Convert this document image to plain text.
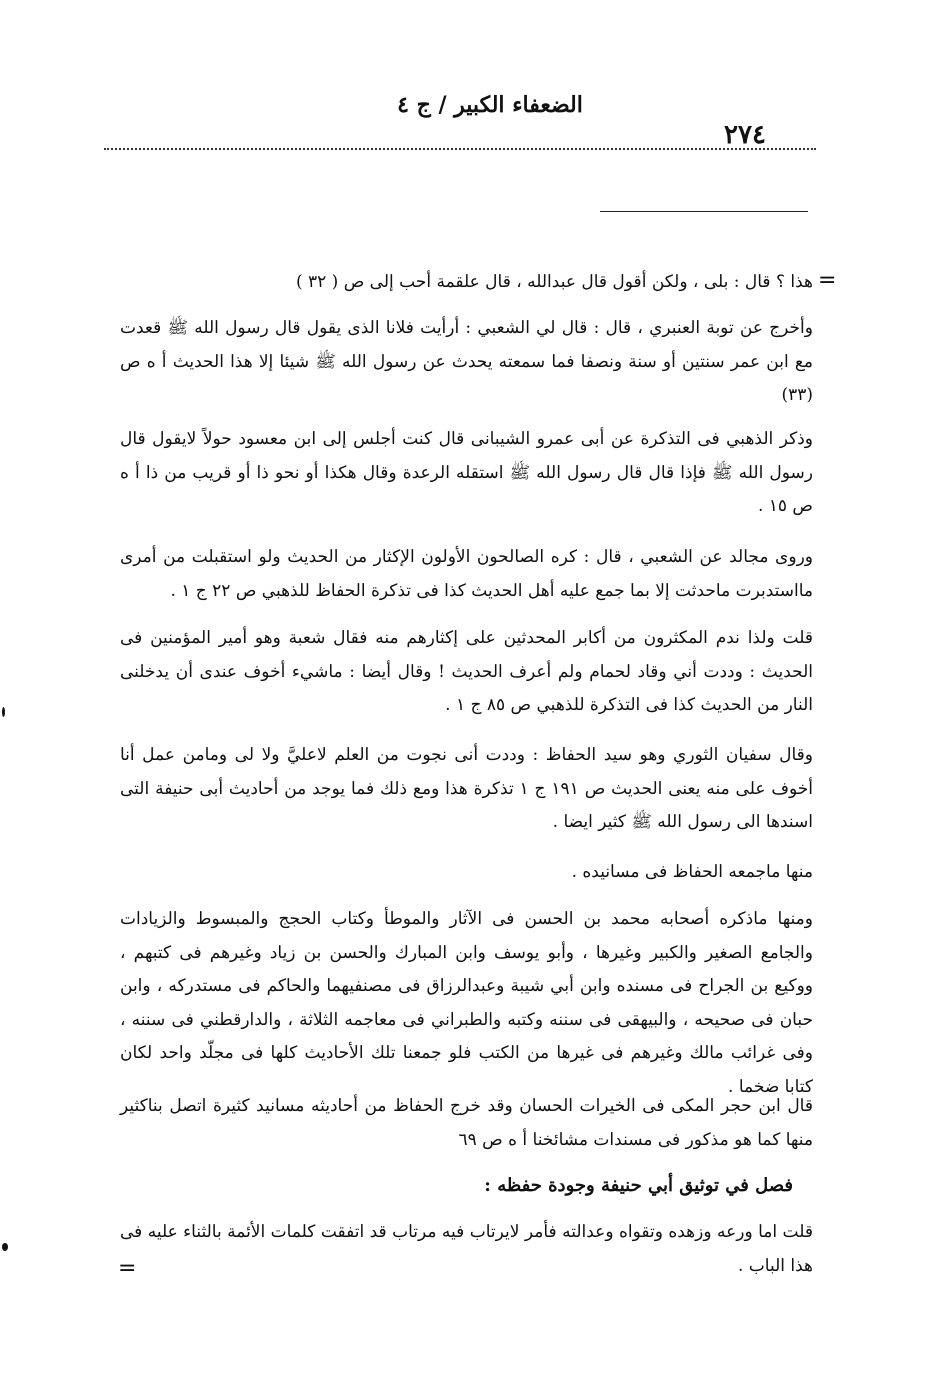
الضعفاء الكبير / ج ٤
٢٧٤
=

هذا ؟ قال : بلى ، ولكن أقول قال عبدالله ، قال علقمة أحب إلى ص ( ٣٢ )

وأخرج عن توبة العنبري ، قال : قال لي الشعبي : أرأيت فلانا الذى يقول قال رسول الله ﷺ قعدت مع ابن عمر سنتين أو سنة ونصفا فما سمعته يحدث عن رسول الله ﷺ شيئا إلا هذا الحديث أ ه ص (٣٣)

وذكر الذهبي فى التذكرة عن أبى عمرو الشيبانى قال كنت أجلس إلى ابن معسود حولاً لايقول قال رسول الله ﷺ فإذا قال قال رسول الله ﷺ استقله الرعدة وقال هكذا أو نحو ذا أو قريب من ذا أ ه ص ١٥ .

وروى مجالد عن الشعبي ، قال : كره الصالحون الأولون الإكثار من الحديث ولو استقبلت من أمرى مااستدبرت ماحدثت إلا بما جمع عليه أهل الحديث كذا فى تذكرة الحفاظ للذهبي ص ٢٢ ج ١ .

قلت ولذا ندم المكثرون من أكابر المحدثين على إكثارهم منه فقال شعبة وهو أمير المؤمنين فى الحديث : وددت أني وقاد لحمام ولم أعرف الحديث ! وقال أيضا : ماشيء أخوف عندى أن يدخلنى النار من الحديث كذا فى التذكرة للذهبي ص ٨٥ ج ١ .

وقال سفيان الثوري وهو سيد الحفاظ : وددت أنى نجوت من العلم لاعليَّ ولا لى ومامن عمل أنا أخوف على منه يعنى الحديث ص ١٩١ ج ١ تذكرة هذا ومع ذلك فما يوجد من أحاديث أبى حنيفة التى اسندها الى رسول الله ﷺ كثير ايضا .

منها ماجمعه الحفاظ فى مسانيده .

ومنها ماذكره أصحابه محمد بن الحسن فى الآثار والموطأ وكتاب الحجج والمبسوط والزيادات والجامع الصغير والكبير وغيرها ، وأبو يوسف وابن المبارك والحسن بن زياد وغيرهم فى كتبهم ، ووكيع بن الجراح فى مسنده وابن أبي شيبة وعبدالرزاق فى مصنفيهما والحاكم فى مستدركه ، وابن حبان فى صحيحه ، والبيهقى فى سننه وكتبه والطبراني فى معاجمه الثلاثة ، والدارقطني فى سننه ، وفى غرائب مالك وغيرهم فى غيرها من الكتب فلو جمعنا تلك الأحاديث كلها فى مجلّد واحد لكان كتابا ضخما .

قال ابن حجر المكى فى الخيرات الحسان وقد خرج الحفاظ من أحاديثه مسانيد كثيرة اتصل بناكثير منها كما هو مذكور فى مسندات مشائخنا أ ه ص ٦٩

فصل في توثيق أبي حنيفة وجودة حفظه :

قلت اما ورعه وزهده وتقواه وعدالته فأمر لايرتاب فيه مرتاب قد اتفقت كلمات الأئمة بالثناء عليه فى هذا الباب .

=
